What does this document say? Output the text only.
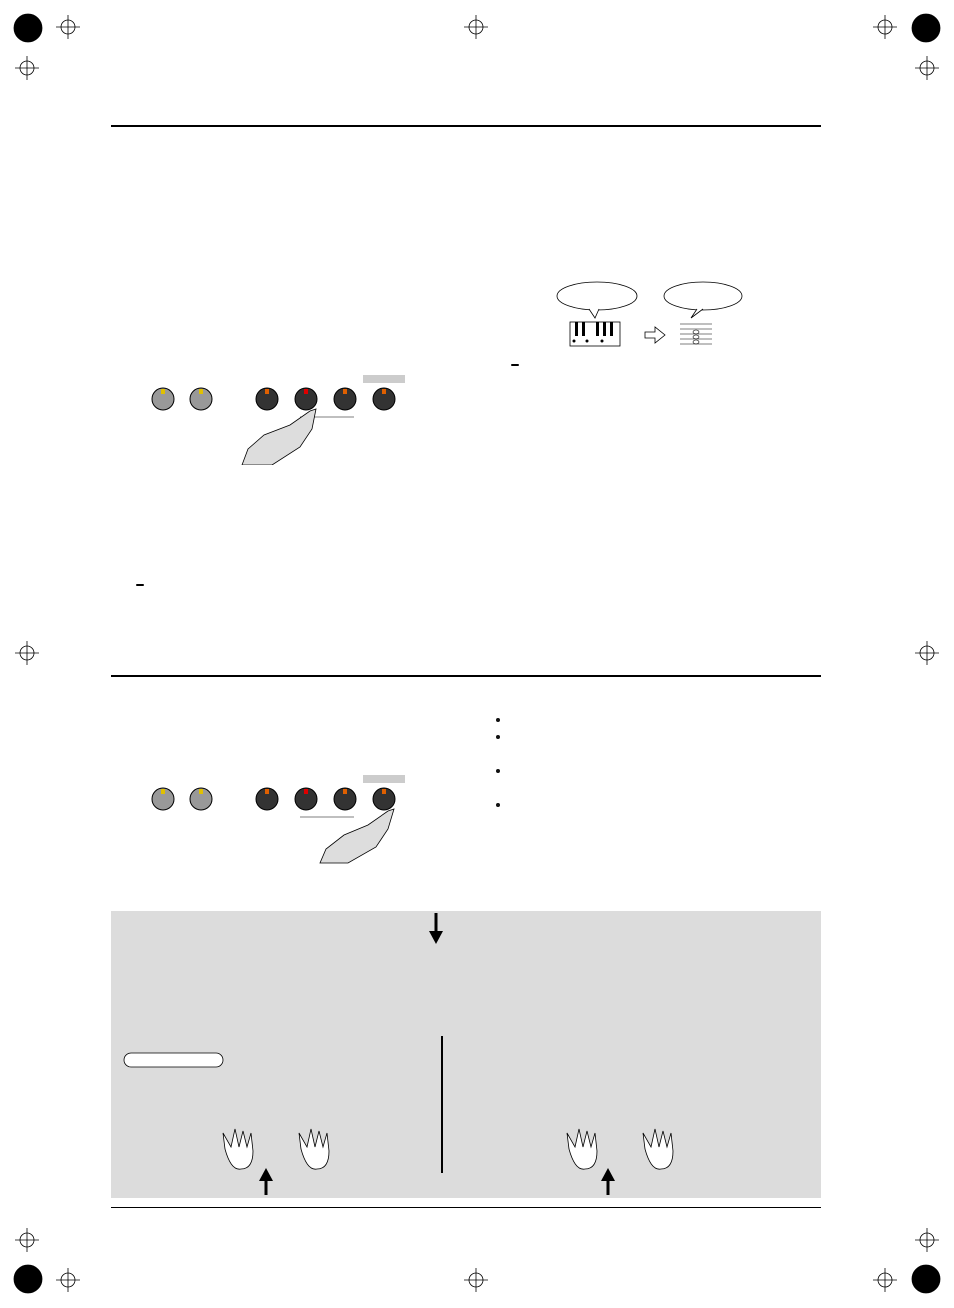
•

•

•

•
